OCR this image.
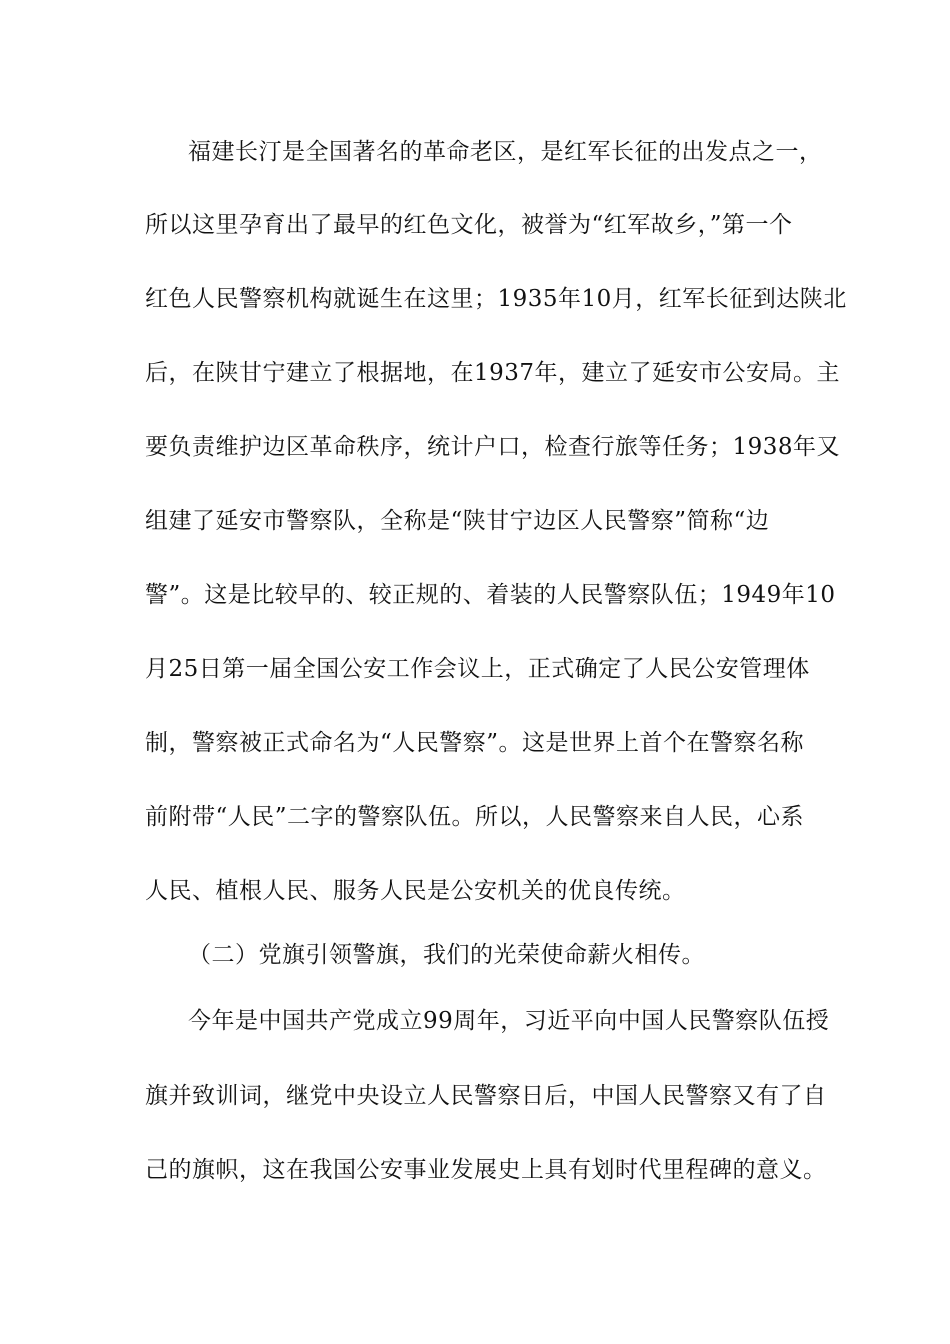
福建长汀是全国著名的革命老区，是红军长征的出发点之一，
所以这里孕育出了最早的红色文化，被誉为“红军故乡，”第一个
红色人民警察机构就诞生在这里；1935年10月，红军长征到达陕北
后，在陕甘宁建立了根据地，在1937年，建立了延安市公安局。主
要负责维护边区革命秩序，统计户口，检查行旅等任务；1938年又
组建了延安市警察队，全称是“陕甘宁边区人民警察”简称“边
警”。这是比较早的、较正规的、着装的人民警察队伍；1949年10
月25日第一届全国公安工作会议上，正式确定了人民公安管理体
制，警察被正式命名为“人民警察”。这是世界上首个在警察名称
前附带“人民”二字的警察队伍。所以，人民警察来自人民，心系
人民、植根人民、服务人民是公安机关的优良传统。
（二）党旗引领警旗，我们的光荣使命薪火相传。
今年是中国共产党成立99周年，习近平向中国人民警察队伍授
旗并致训词，继党中央设立人民警察日后，中国人民警察又有了自
己的旗帜，这在我国公安事业发展史上具有划时代里程碑的意义。
